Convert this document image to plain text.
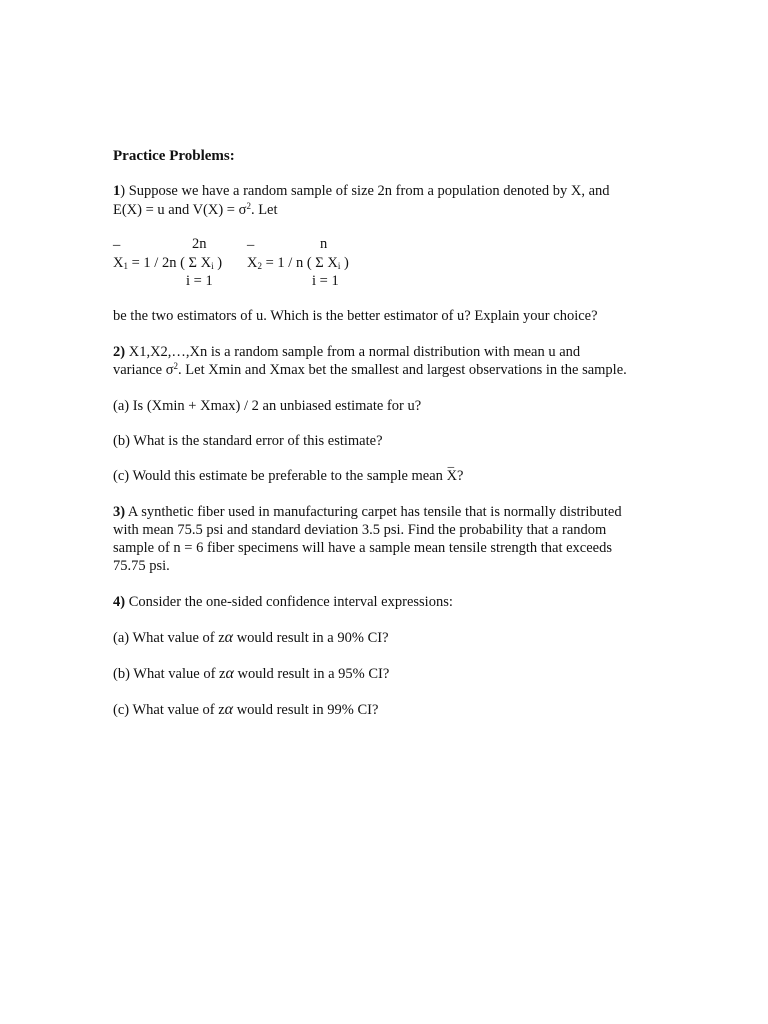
Practice Problems:
1) Suppose we have a random sample of size 2n from a population denoted by X, and
E(X) = u and $V(X) = \sigma^2$. Let
_	2n	_	n
$X_1 = 1 / 2n$ ( Σ $X_i$ ) $X_2 = 1 / n$ ( Σ $X_i$ )
i = 1	i = 1
be the two estimators of u. Which is the better estimator of u? Explain your choice?
2) X1,X2,…,Xn is a random sample from a normal distribution with mean u and
variance $\sigma^2$. Let Xmin and Xmax bet the smallest and largest observations in the sample.
(a) Is (Xmin + Xmax) / 2 an unbiased estimate for u?
(b) What is the standard error of this estimate?
(c) Would this estimate be preferable to the sample mean
_
X?
3) A synthetic fiber used in manufacturing carpet has tensile that is normally distributed
with mean 75.5 psi and standard deviation 3.5 psi. Find the probability that a random
sample of n = 6 fiber specimens will have a sample mean tensile strength that exceeds
75.75 psi.
4) Consider the one-sided confidence interval expressions:
(a) What value of zα would result in a 90% CI?
(b) What value of zα would result in a 95% CI?
(c) What value of zα would result in 99% CI?
